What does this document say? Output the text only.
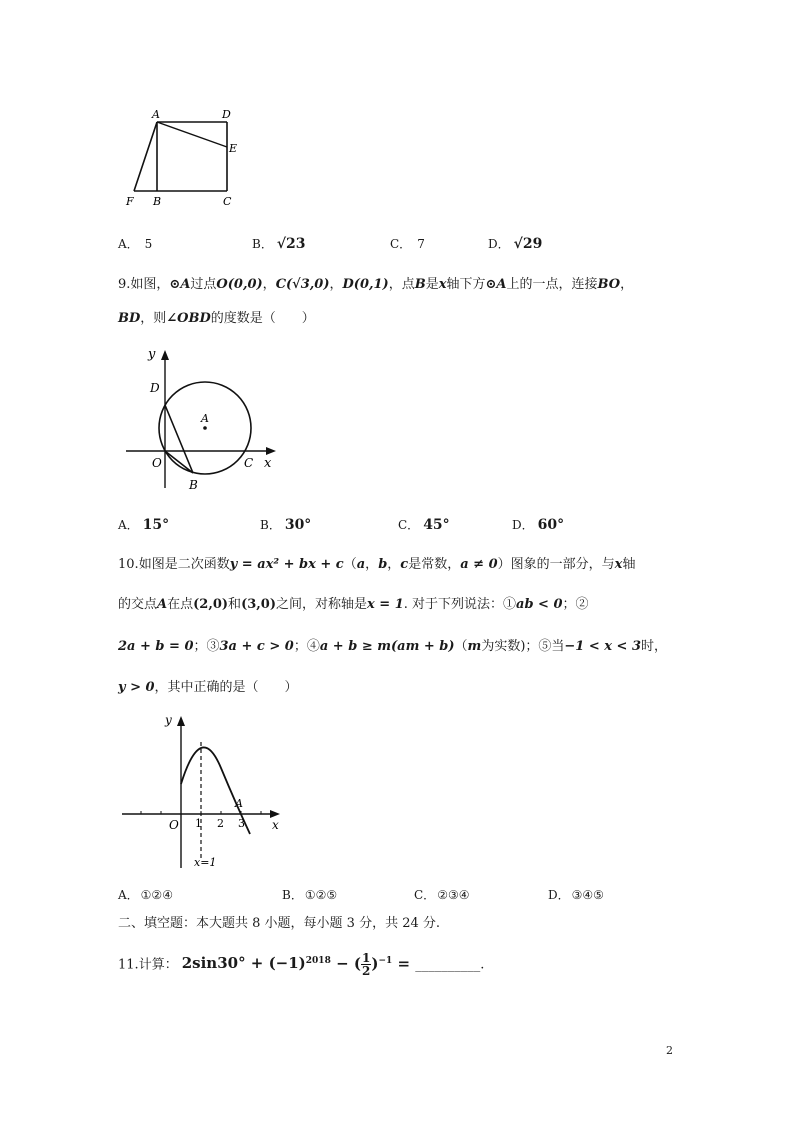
A	D
E
F B	C
A． 5	B． √23	C． 7	D． √29
9.如图，⊙A过点O(0,0)，C(√3,0)，D(0,1)，点B是x轴下方⊙A上的一点，连接BO，
BD，则∠OBD的度数是（　　）
y
D
A
O	C x
B
A． 15°	B． 30°	C． 45°	D． 60°
10.如图是二次函数y = ax² + bx + c（a，b，c是常数，a ≠ 0）图象的一部分，与x轴
的交点A在点(2,0)和(3,0)之间，对称轴是x = 1. 对于下列说法：①ab < 0；②
2a + b = 0；③3a + c > 0；④a + b ≥ m(am + b)（m为实数)；⑤当−1 < x < 3时，
y > 0，其中正确的是（　　）
y
A
O 1 2 3 x
x=1
A． ①②④	B． ①②⑤	C． ②③④	D． ③④⑤
二、填空题：本大题共 8 小题，每小题 3 分，共 24 分.
11.计算： $2\sin 30^\circ + (-1)^{2018}$ − ( $\frac{1}{2} )^{-1}$ = __________.
2
